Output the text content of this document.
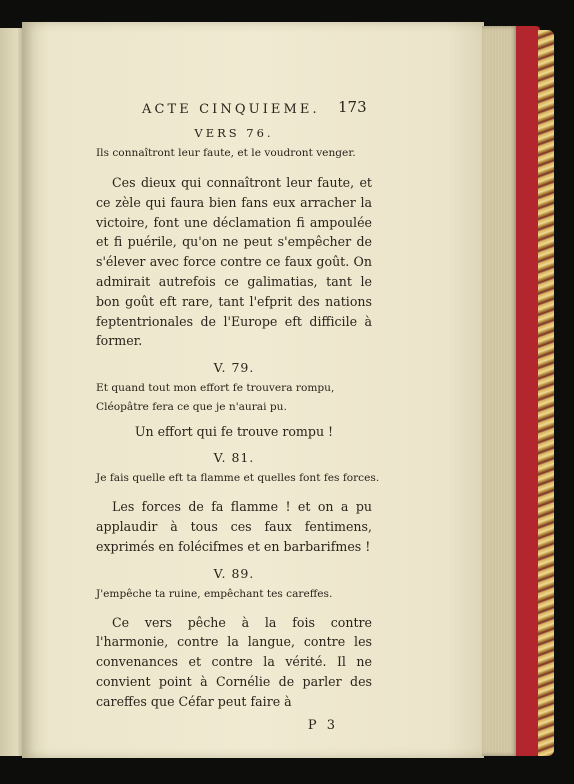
ACTE CINQUIEME. 173
VERS 76.
Ils connaîtront leur faute, et le voudront venger.

Ces dieux qui connaîtront leur faute, et ce zèle qui faura bien fans eux arracher la victoire, font une déclamation fi ampoulée et fi puérile, qu'on ne peut s'empêcher de s'élever avec force contre ce faux goût. On admirait autrefois ce galimatias, tant le bon goût eft rare, tant l'efprit des nations feptentrionales de l'Europe eft difficile à former.

V. 79.
Et quand tout mon effort fe trouvera rompu,
Cléopâtre fera ce que je n'aurai pu.
Un effort qui fe trouve rompu !
V. 81.
Je fais quelle eft ta flamme et quelles font fes forces.

Les forces de fa flamme ! et on a pu applaudir à tous ces faux fentimens, exprimés en folécifmes et en barbarifmes !

V. 89.
J'empêche ta ruine, empêchant tes careffes.

Ce vers pêche à la fois contre l'harmonie, contre la langue, contre les convenances et contre la vérité. Il ne convient point à Cornélie de parler des careffes que Céfar peut faire à

P 3
